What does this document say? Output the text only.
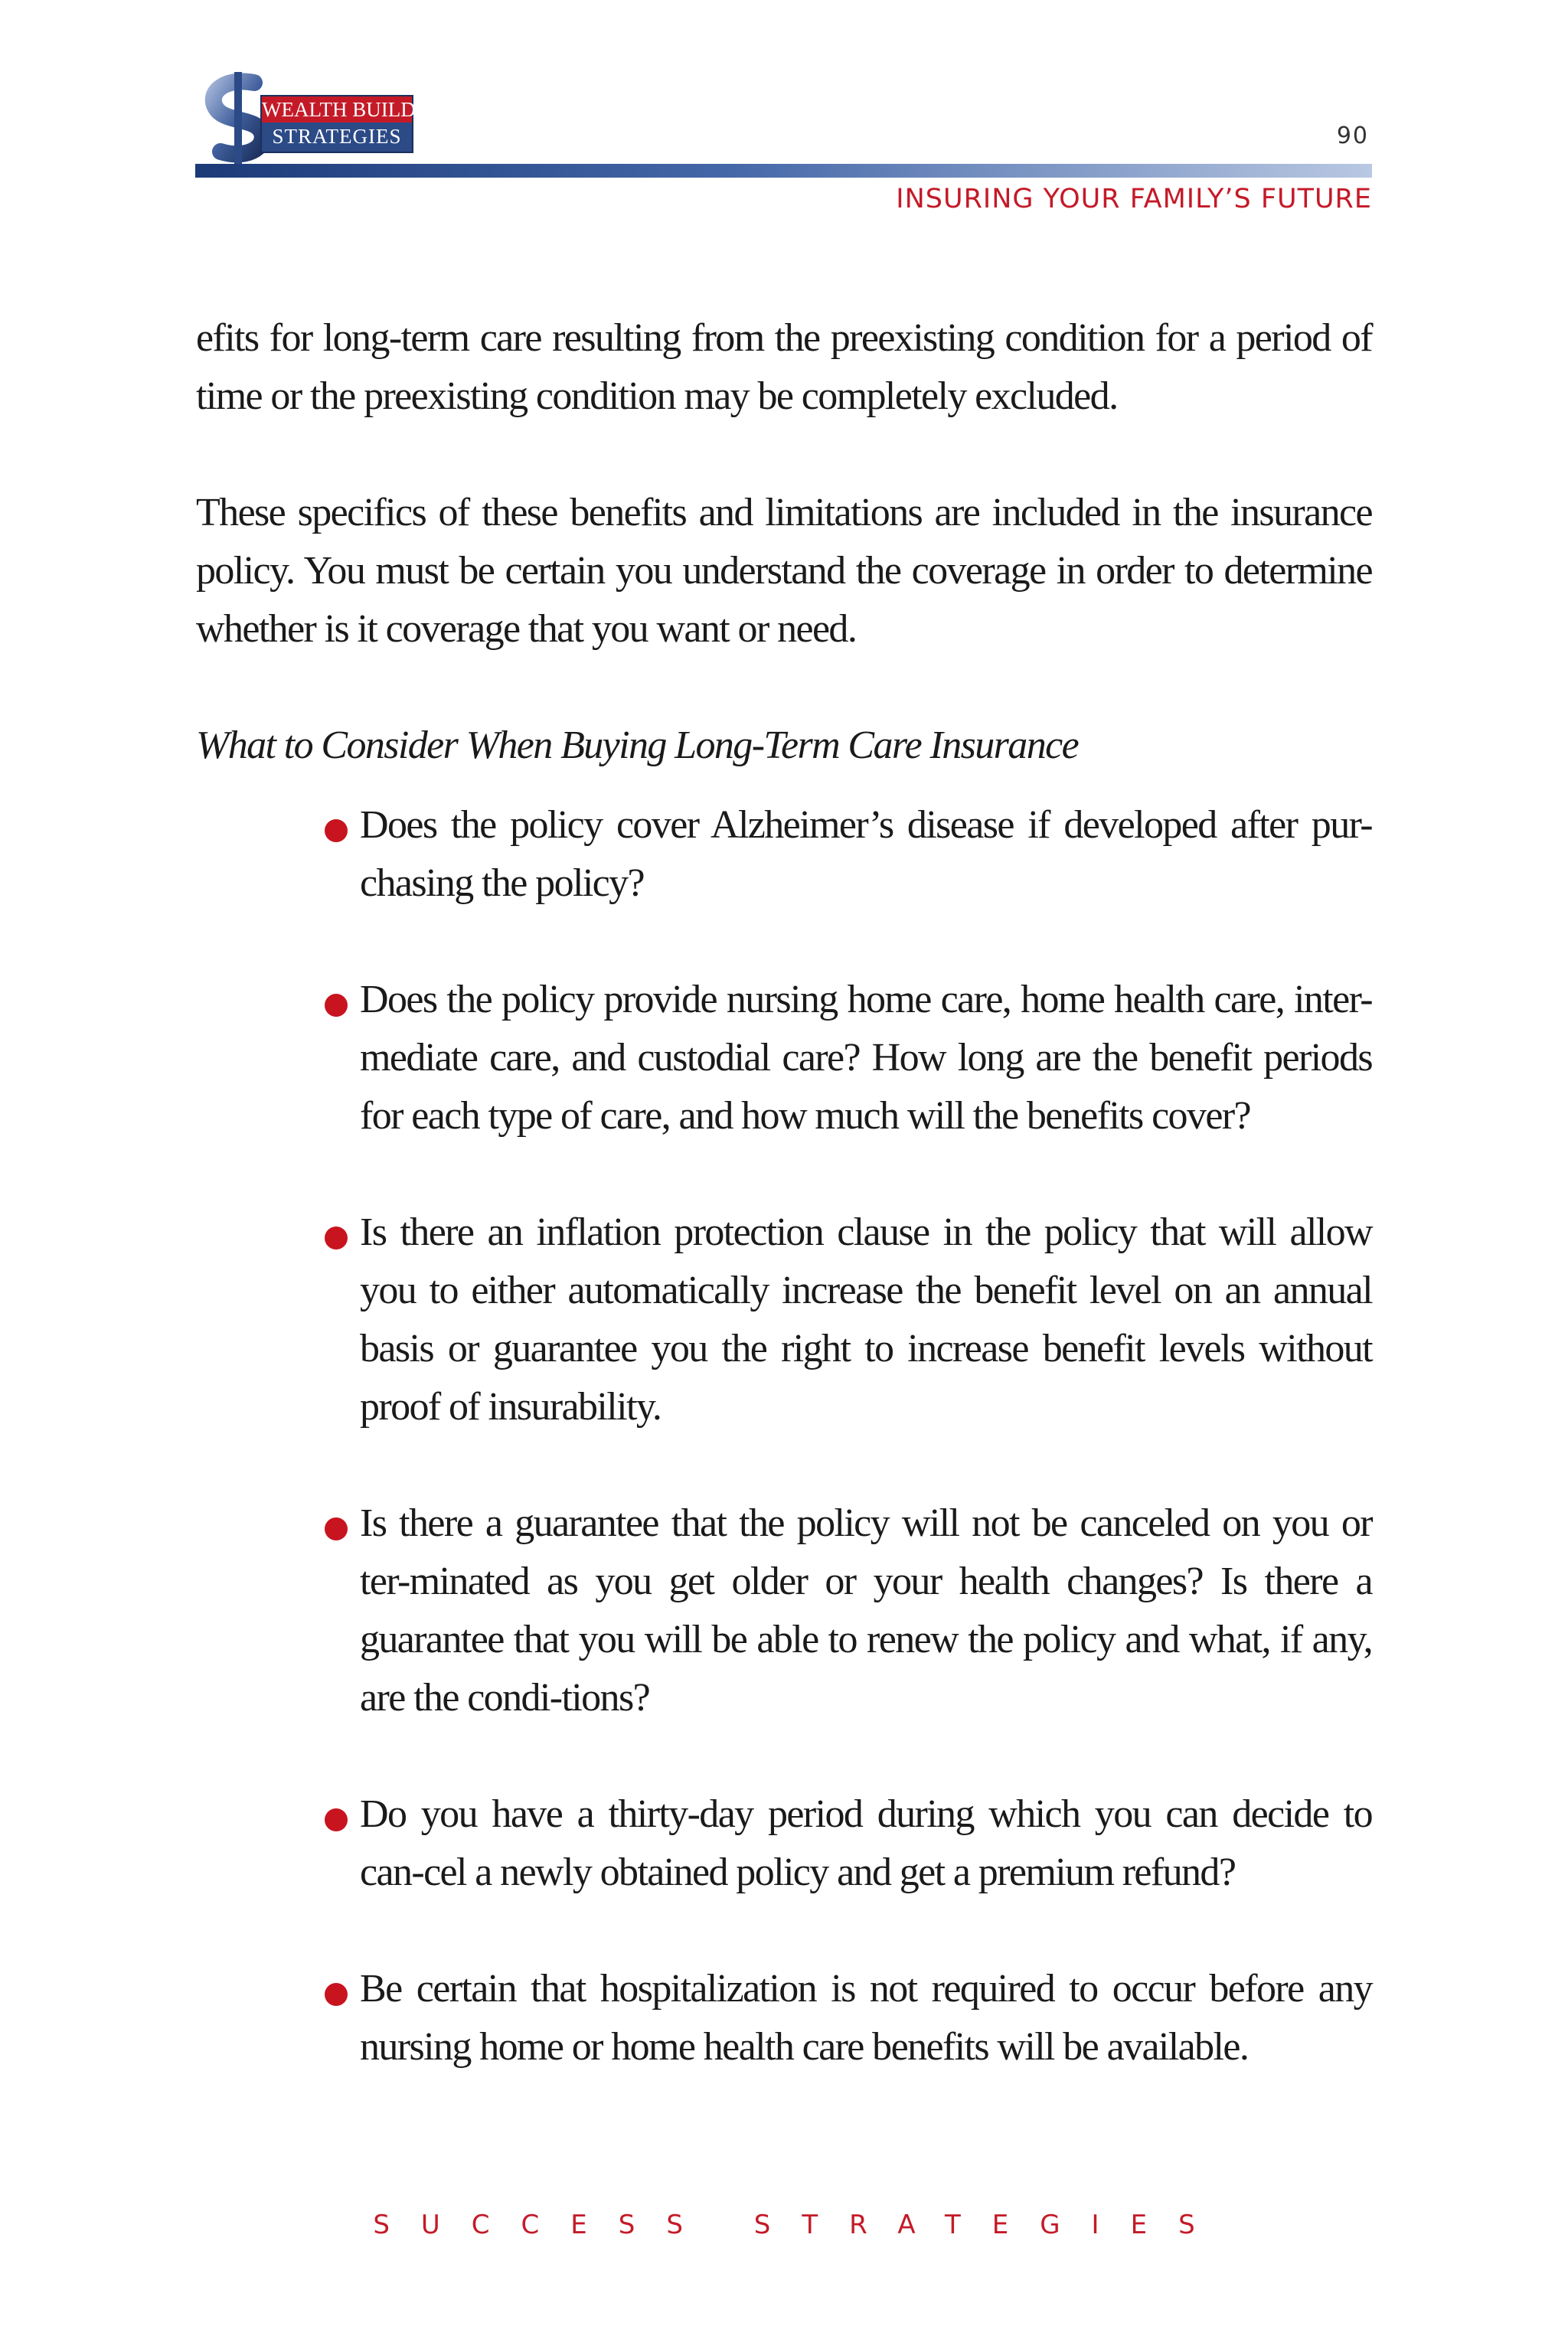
WEALTH BUILDING
STRATEGIES	90
INSURING YOUR FAMILY’S FUTURE

efits for long-term care resulting from the preexisting condition for a period of time or the preexisting condition may be completely excluded.

These specifics of these benefits and limitations are included in the insurance policy. You must be certain you understand the coverage in order to determine whether is it coverage that you want or need.

What to Consider When Buying Long-Term Care Insurance

Does the policy cover Alzheimer’s disease if developed after pur-chasing the policy?
Does the policy provide nursing home care, home health care, inter-mediate care, and custodial care? How long are the benefit periods for each type of care, and how much will the benefits cover?
Is there an inflation protection clause in the policy that will allow you to either automatically increase the benefit level on an annual basis or guarantee you the right to increase benefit levels without proof of insurability.
Is there a guarantee that the policy will not be canceled on you or ter-minated as you get older or your health changes? Is there a guarantee that you will be able to renew the policy and what, if any, are the condi-tions?
Do you have a thirty-day period during which you can decide to can-cel a newly obtained policy and get a premium refund?
Be certain that hospitalization is not required to occur before any nursing home or home health care benefits will be available.
SUCCESS STRATEGIES
